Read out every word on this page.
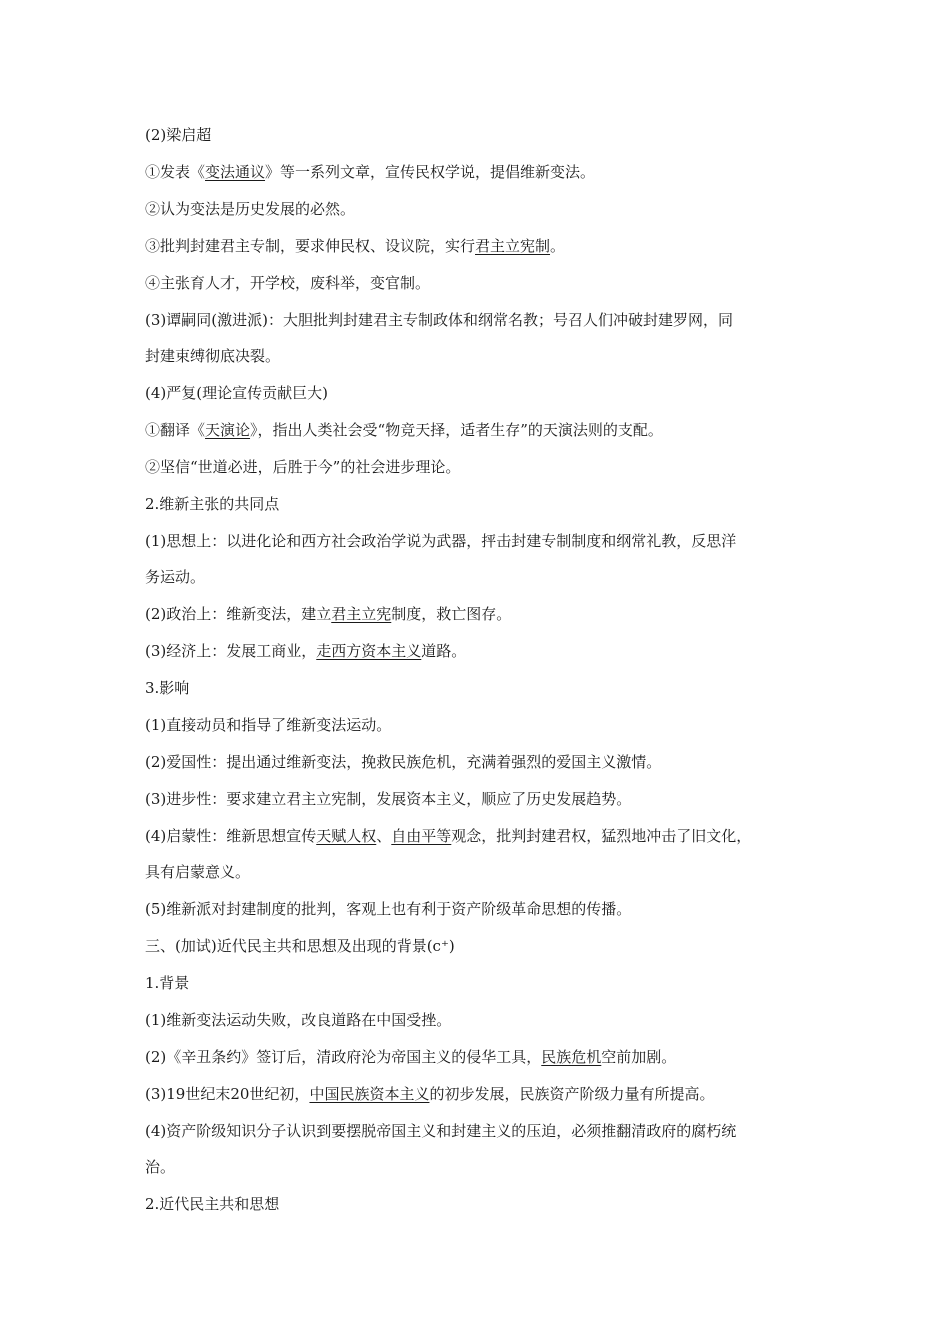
(2)梁启超
①发表《变法通议》等一系列文章，宣传民权学说，提倡维新变法。
②认为变法是历史发展的必然。
③批判封建君主专制，要求伸民权、设议院，实行君主立宪制。
④主张育人才，开学校，废科举，变官制。
(3)谭嗣同(激进派)：大胆批判封建君主专制政体和纲常名教；号召人们冲破封建罗网，同
封建束缚彻底决裂。
(4)严复(理论宣传贡献巨大)
①翻译《天演论》，指出人类社会受“物竞天择，适者生存”的天演法则的支配。
②坚信“世道必进，后胜于今”的社会进步理论。
2.维新主张的共同点
(1)思想上：以进化论和西方社会政治学说为武器，抨击封建专制制度和纲常礼教，反思洋
务运动。
(2)政治上：维新变法，建立君主立宪制度，救亡图存。
(3)经济上：发展工商业，走西方资本主义道路。
3.影响
(1)直接动员和指导了维新变法运动。
(2)爱国性：提出通过维新变法，挽救民族危机，充满着强烈的爱国主义激情。
(3)进步性：要求建立君主立宪制，发展资本主义，顺应了历史发展趋势。
(4)启蒙性：维新思想宣传天赋人权、自由平等观念，批判封建君权，猛烈地冲击了旧文化，
具有启蒙意义。
(5)维新派对封建制度的批判，客观上也有利于资产阶级革命思想的传播。
三、(加试)近代民主共和思想及出现的背景(c⁺)
1.背景
(1)维新变法运动失败，改良道路在中国受挫。
(2)《辛丑条约》签订后，清政府沦为帝国主义的侵华工具，民族危机空前加剧。
(3)19世纪末20世纪初，中国民族资本主义的初步发展，民族资产阶级力量有所提高。
(4)资产阶级知识分子认识到要摆脱帝国主义和封建主义的压迫，必须推翻清政府的腐朽统
治。
2.近代民主共和思想
